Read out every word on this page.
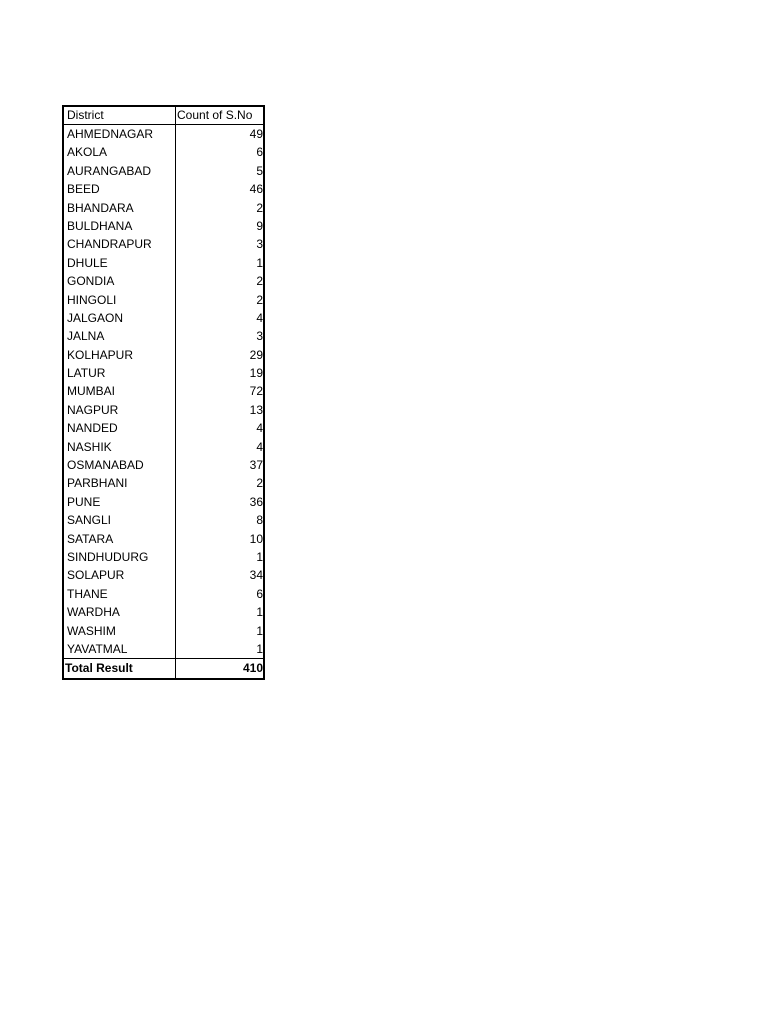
District	Count of S.No
AHMEDNAGAR	49
AKOLA	6
AURANGABAD	5
BEED	46
BHANDARA	2
BULDHANA	9
CHANDRAPUR	3
DHULE	1
GONDIA	2
HINGOLI	2
JALGAON	4
JALNA	3
KOLHAPUR	29
LATUR	19
MUMBAI	72
NAGPUR	13
NANDED	4
NASHIK	4
OSMANABAD	37
PARBHANI	2
PUNE	36
SANGLI	8
SATARA	10
SINDHUDURG	1
SOLAPUR	34
THANE	6
WARDHA	1
WASHIM	1
YAVATMAL	1
Total Result	410
